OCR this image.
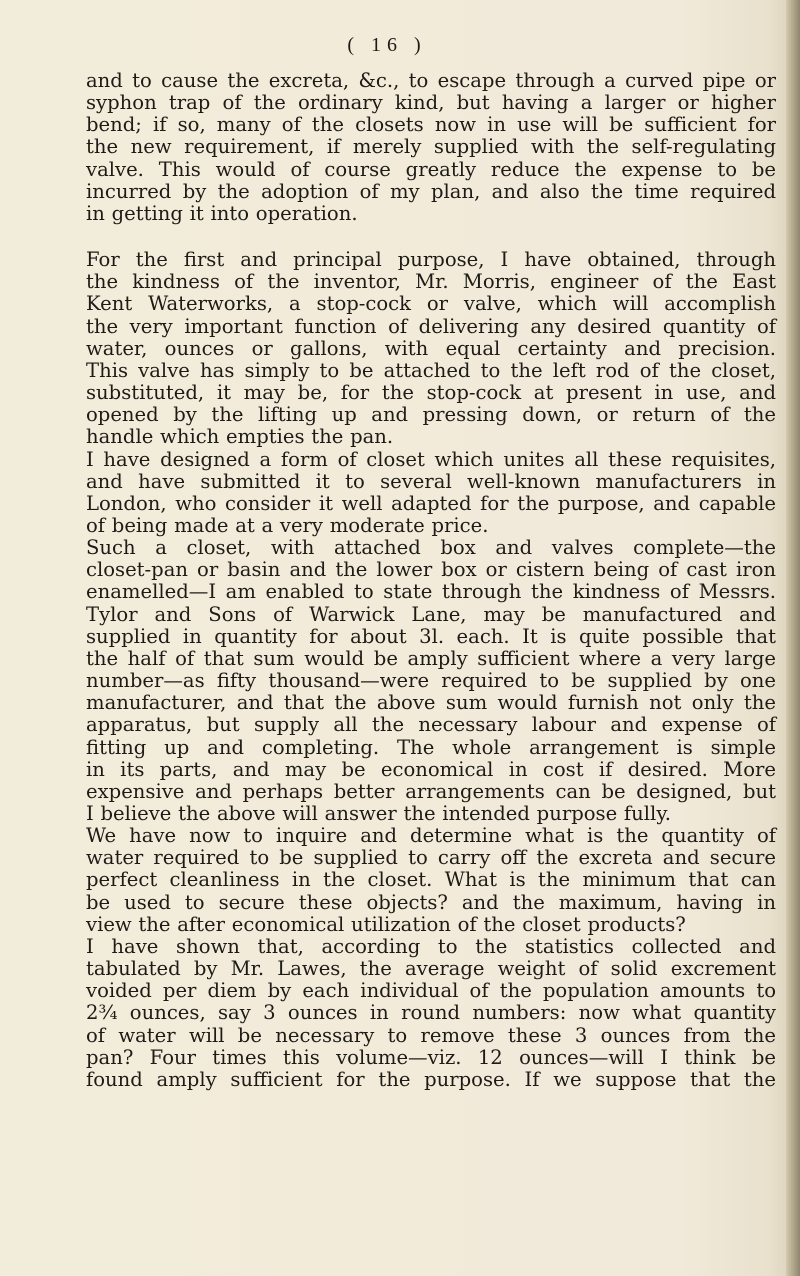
( 16 )
and to cause the excreta, &c., to escape through a curved pipe or
syphon trap of the ordinary kind, but having a larger or higher
bend; if so, many of the closets now in use will be sufficient for
the new requirement, if merely supplied with the self-regulating
valve. This would of course greatly reduce the expense to be
incurred by the adoption of my plan, and also the time required
in getting it into operation.
For the first and principal purpose, I have obtained, through
the kindness of the inventor, Mr. Morris, engineer of the East
Kent Waterworks, a stop-cock or valve, which will accomplish
the very important function of delivering any desired quantity of
water, ounces or gallons, with equal certainty and precision.
This valve has simply to be attached to the left rod of the closet,
substituted, it may be, for the stop-cock at present in use, and
opened by the lifting up and pressing down, or return of the
handle which empties the pan.
I have designed a form of closet which unites all these requisites,
and have submitted it to several well-known manufacturers in
London, who consider it well adapted for the purpose, and capable
of being made at a very moderate price.
Such a closet, with attached box and valves complete—the
closet-pan or basin and the lower box or cistern being of cast iron
enamelled—I am enabled to state through the kindness of Messrs.
Tylor and Sons of Warwick Lane, may be manufactured and
supplied in quantity for about 3l. each. It is quite possible that
the half of that sum would be amply sufficient where a very large
number—as fifty thousand—were required to be supplied by one
manufacturer, and that the above sum would furnish not only the
apparatus, but supply all the necessary labour and expense of
fitting up and completing. The whole arrangement is simple
in its parts, and may be economical in cost if desired. More
expensive and perhaps better arrangements can be designed, but
I believe the above will answer the intended purpose fully.
We have now to inquire and determine what is the quantity of
water required to be supplied to carry off the excreta and secure
perfect cleanliness in the closet. What is the minimum that can
be used to secure these objects? and the maximum, having in
view the after economical utilization of the closet products?
I have shown that, according to the statistics collected and
tabulated by Mr. Lawes, the average weight of solid excrement
voided per diem by each individual of the population amounts to
2¾ ounces, say 3 ounces in round numbers: now what quantity
of water will be necessary to remove these 3 ounces from the
pan? Four times this volume—viz. 12 ounces—will I think be
found amply sufficient for the purpose. If we suppose that the
